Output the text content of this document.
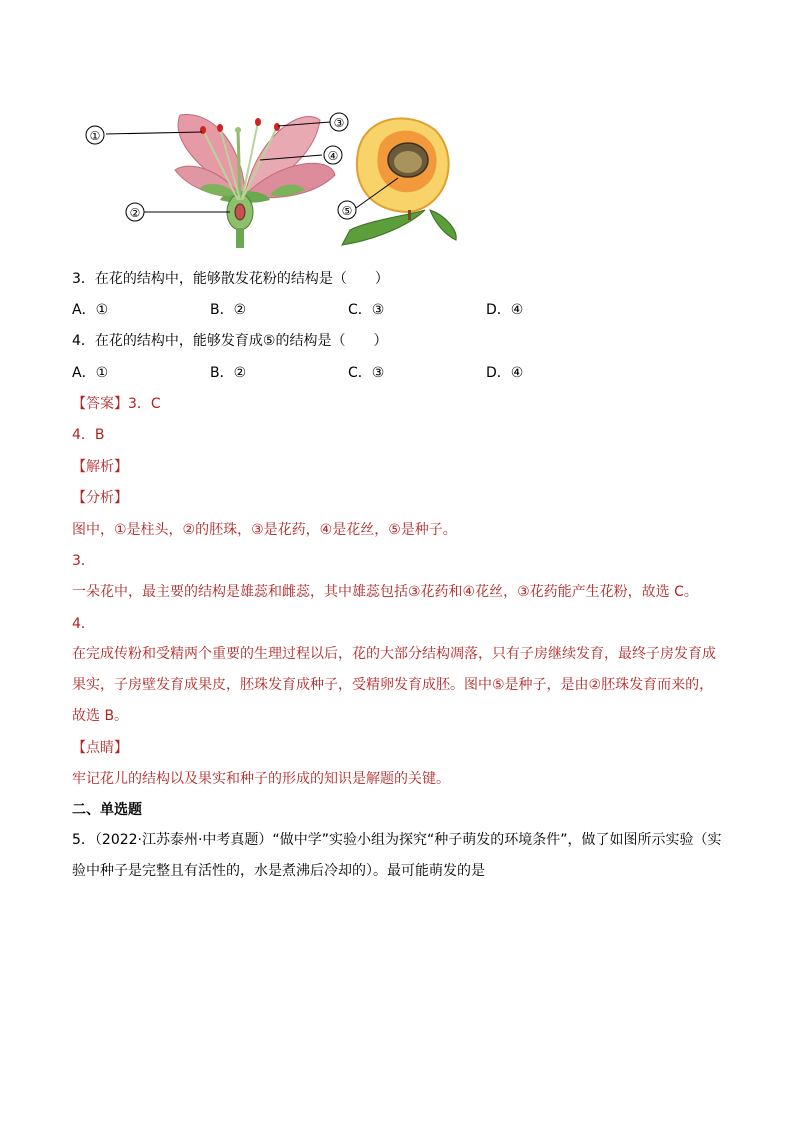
①
②
③
④
⑤
3．在花的结构中，能够散发花粉的结构是（　　）
A．①	B．②	C．③	D．④
4．在花的结构中，能够发育成⑤的结构是（　　）
A．①	B．②	C．③	D．④
【答案】3．C
4．B
【解析】
【分析】
图中，①是柱头，②的胚珠，③是花药，④是花丝，⑤是种子。
3．
一朵花中，最主要的结构是雄蕊和雌蕊，其中雄蕊包括③花药和④花丝，③花药能产生花粉，故选 C。
4．
在完成传粉和受精两个重要的生理过程以后，花的大部分结构凋落，只有子房继续发育，最终子房发育成果实，子房壁发育成果皮，胚珠发育成种子，受精卵发育成胚。图中⑤是种子，是由②胚珠发育而来的，故选 B。
【点睛】
牢记花儿的结构以及果实和种子的形成的知识是解题的关键。
二、单选题
5．（2022·江苏泰州·中考真题）“做中学”实验小组为探究“种子萌发的环境条件”，做了如图所示实验（实验中种子是完整且有活性的，水是煮沸后冷却的）。最可能萌发的是
